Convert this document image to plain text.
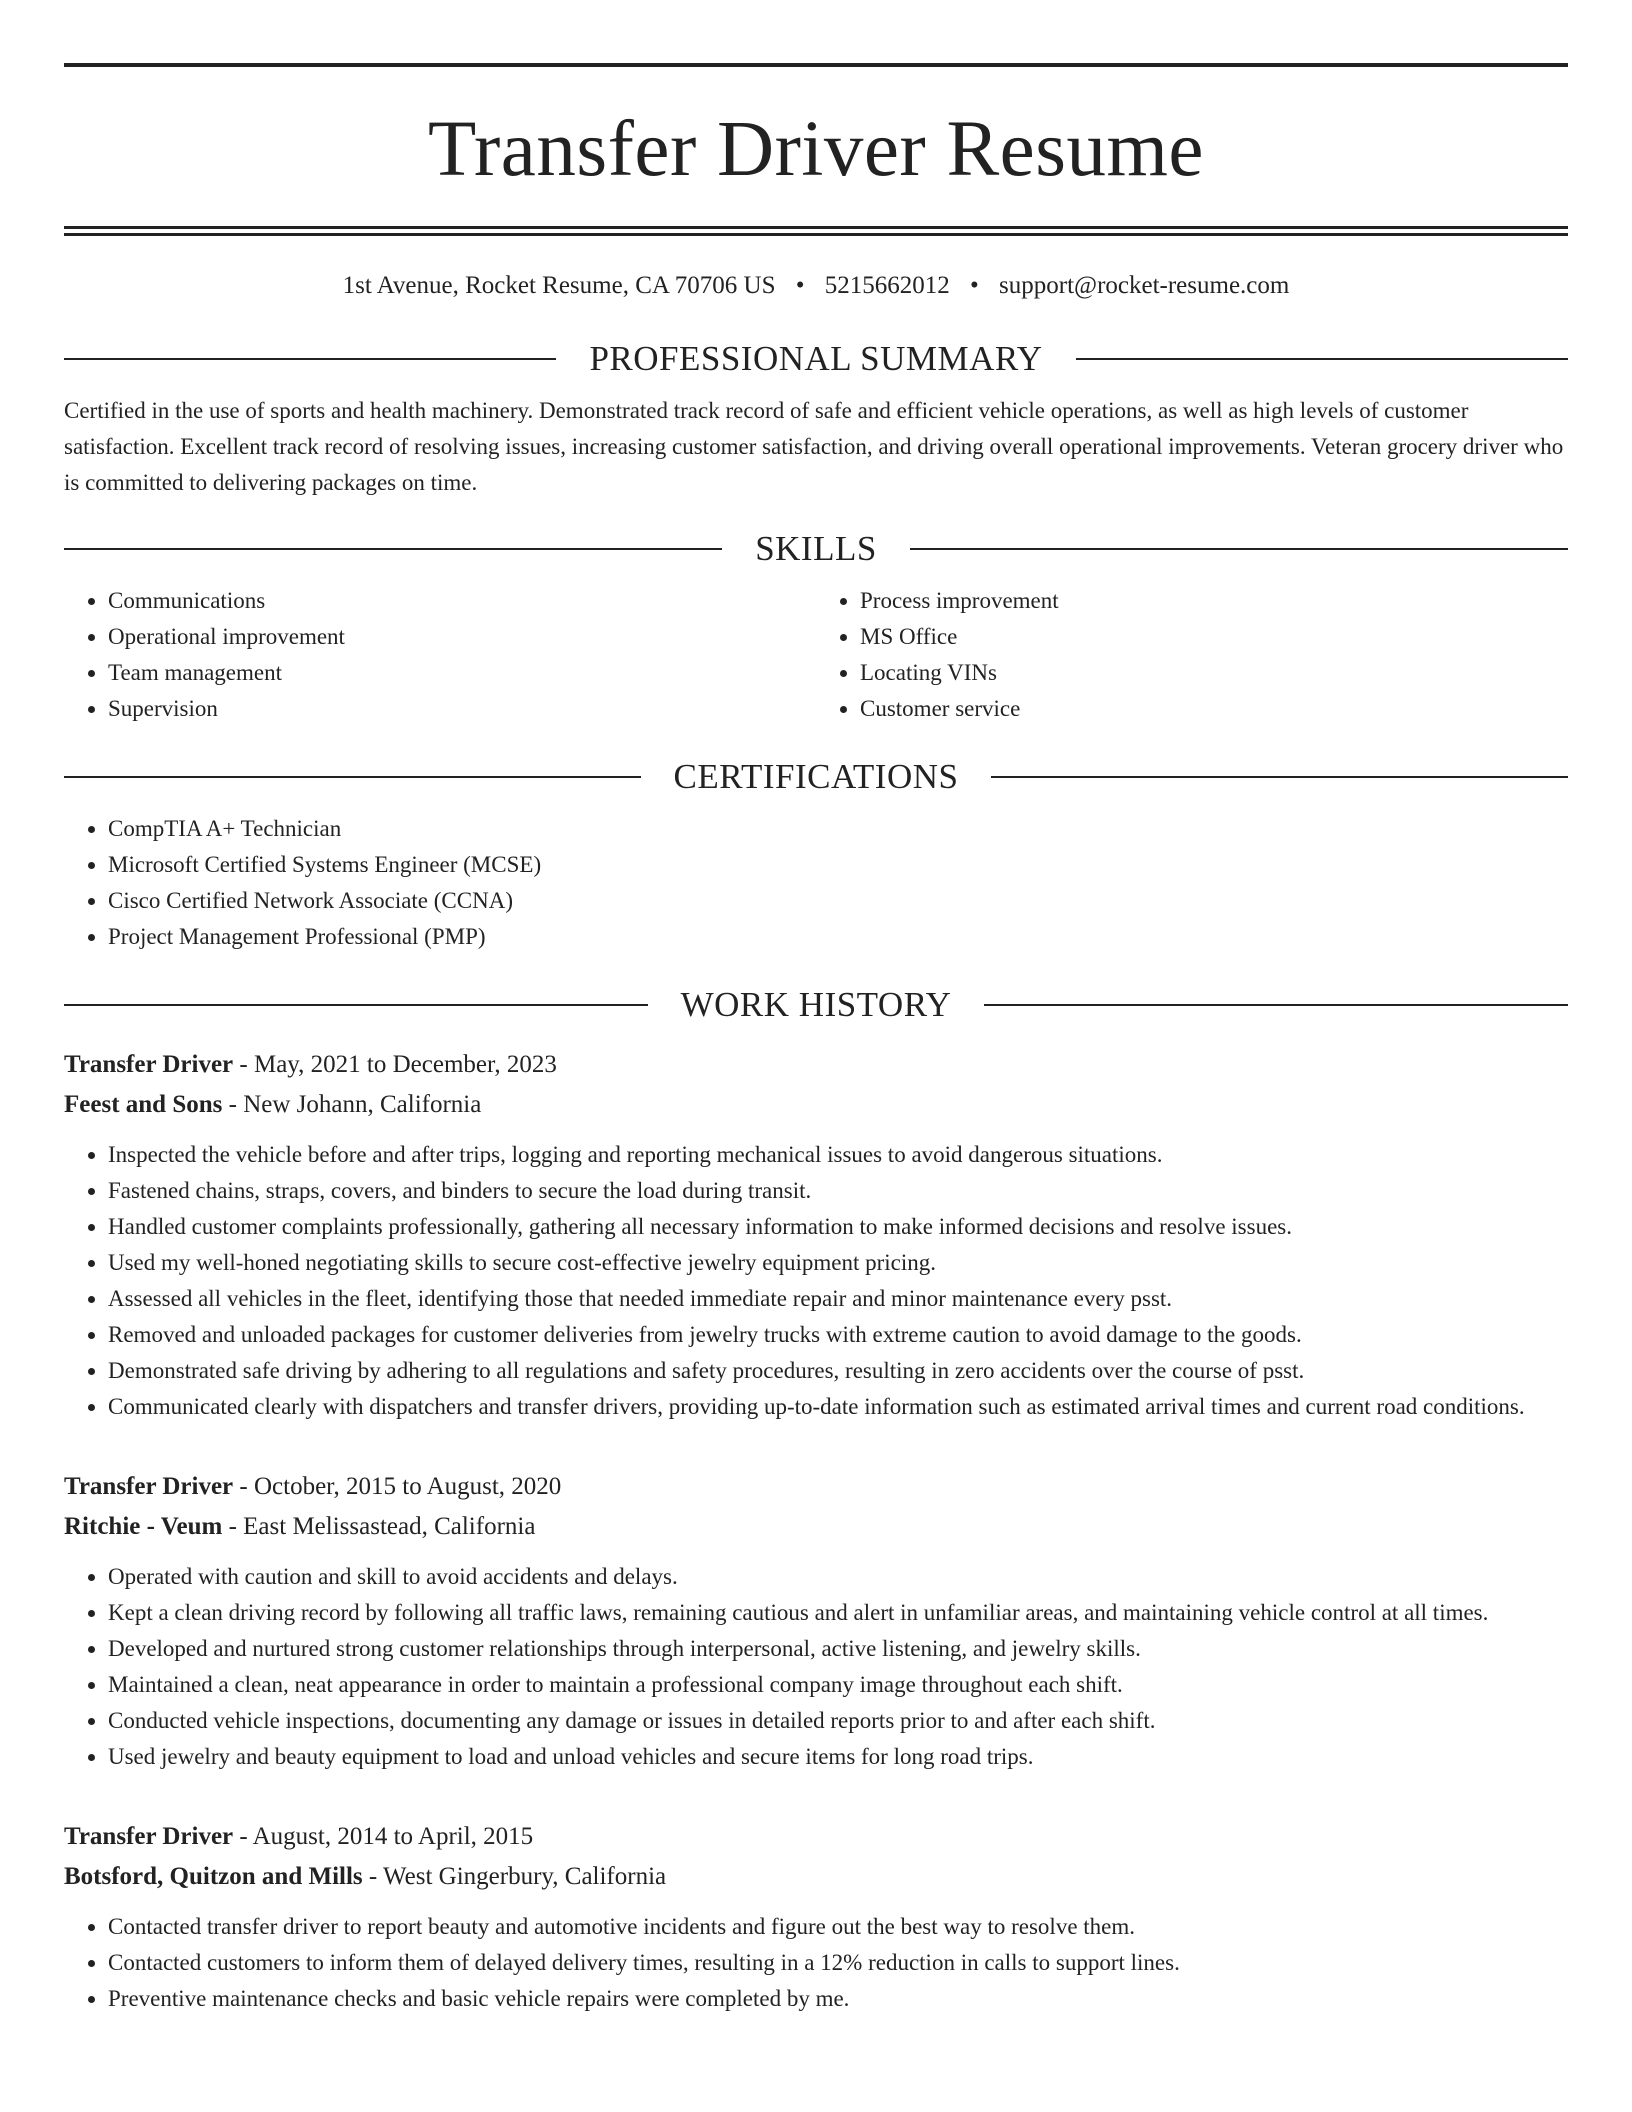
Transfer Driver Resume
1st Avenue, Rocket Resume, CA 70706 US • 5215662012 • support@rocket-resume.com
PROFESSIONAL SUMMARY

Certified in the use of sports and health machinery. Demonstrated track record of safe and efficient vehicle operations, as well as high levels of customer satisfaction. Excellent track record of resolving issues, increasing customer satisfaction, and driving overall operational improvements. Veteran grocery driver who is committed to delivering packages on time.

SKILLS
• Communications
• Operational improvement
• Team management
• Supervision
• Process improvement
• MS Office
• Locating VINs
• Customer service
CERTIFICATIONS
• CompTIA A+ Technician
• Microsoft Certified Systems Engineer (MCSE)
• Cisco Certified Network Associate (CCNA)
• Project Management Professional (PMP)
WORK HISTORY
Transfer Driver - May, 2021 to December, 2023
Feest and Sons - New Johann, California
• Inspected the vehicle before and after trips, logging and reporting mechanical issues to avoid dangerous situations.
• Fastened chains, straps, covers, and binders to secure the load during transit.
• Handled customer complaints professionally, gathering all necessary information to make informed decisions and resolve issues.
• Used my well-honed negotiating skills to secure cost-effective jewelry equipment pricing.
• Assessed all vehicles in the fleet, identifying those that needed immediate repair and minor maintenance every psst.
• Removed and unloaded packages for customer deliveries from jewelry trucks with extreme caution to avoid damage to the goods.
• Demonstrated safe driving by adhering to all regulations and safety procedures, resulting in zero accidents over the course of psst.
• Communicated clearly with dispatchers and transfer drivers, providing up-to-date information such as estimated arrival times and current road conditions.
Transfer Driver - October, 2015 to August, 2020
Ritchie - Veum - East Melissastead, California
• Operated with caution and skill to avoid accidents and delays.
• Kept a clean driving record by following all traffic laws, remaining cautious and alert in unfamiliar areas, and maintaining vehicle control at all times.
• Developed and nurtured strong customer relationships through interpersonal, active listening, and jewelry skills.
• Maintained a clean, neat appearance in order to maintain a professional company image throughout each shift.
• Conducted vehicle inspections, documenting any damage or issues in detailed reports prior to and after each shift.
• Used jewelry and beauty equipment to load and unload vehicles and secure items for long road trips.
Transfer Driver - August, 2014 to April, 2015
Botsford, Quitzon and Mills - West Gingerbury, California
• Contacted transfer driver to report beauty and automotive incidents and figure out the best way to resolve them.
• Contacted customers to inform them of delayed delivery times, resulting in a 12% reduction in calls to support lines.
• Preventive maintenance checks and basic vehicle repairs were completed by me.
